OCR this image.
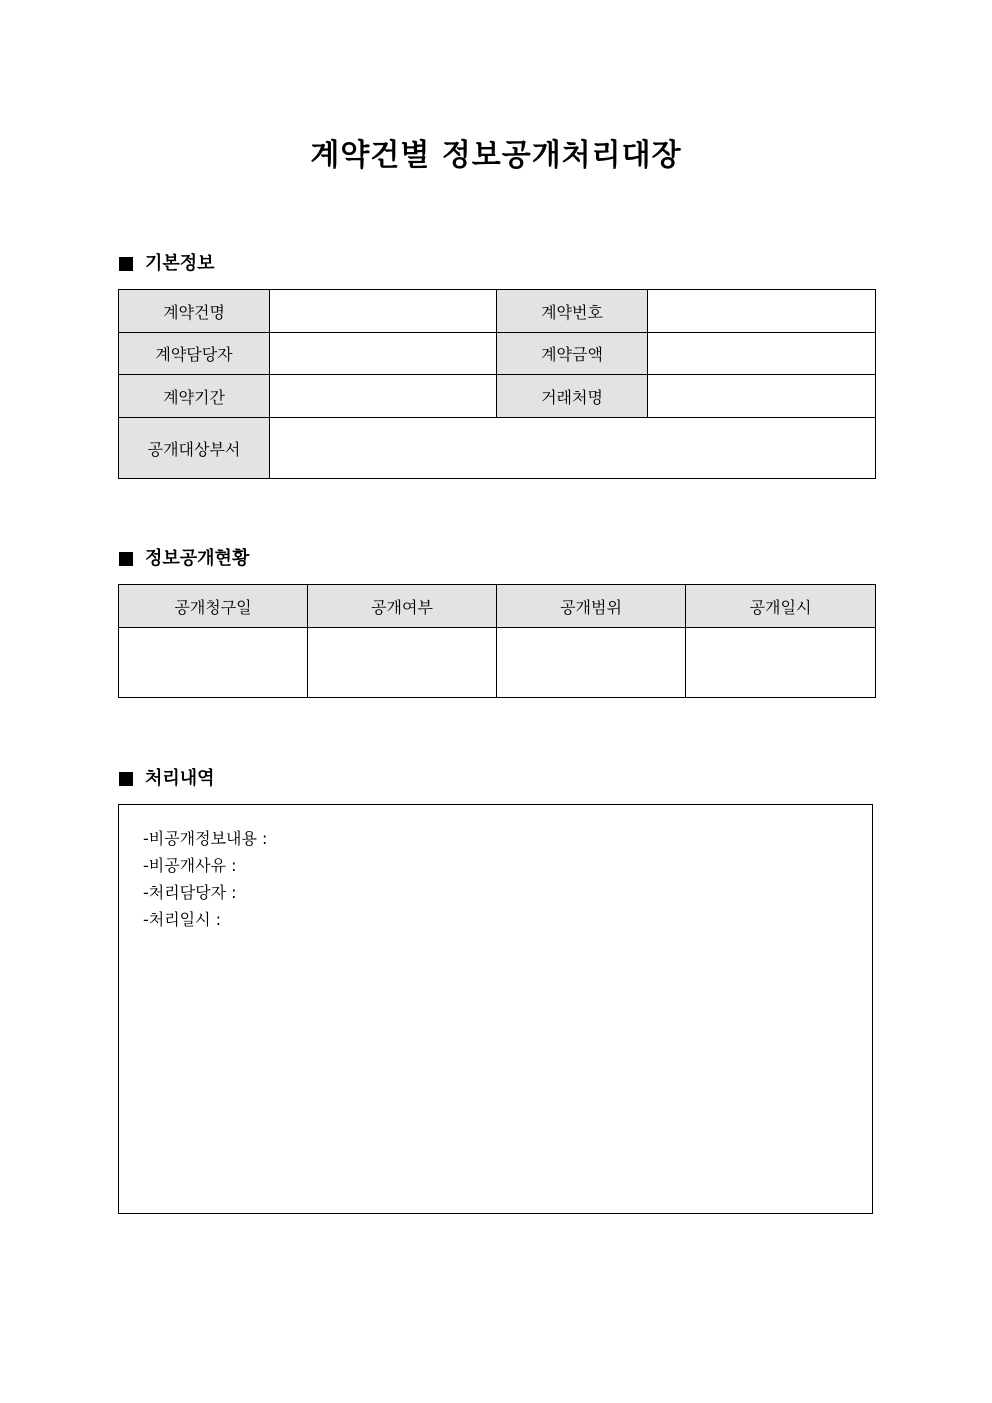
계약건별 정보공개처리대장
기본정보
계약건명		계약번호	
계약담당자		계약금액	
계약기간		거래처명	
공개대상부서			
정보공개현황
공개청구일	공개여부	공개범위	공개일시

처리내역
-비공개정보내용 :
-비공개사유 :
-처리담당자 :
-처리일시 :
